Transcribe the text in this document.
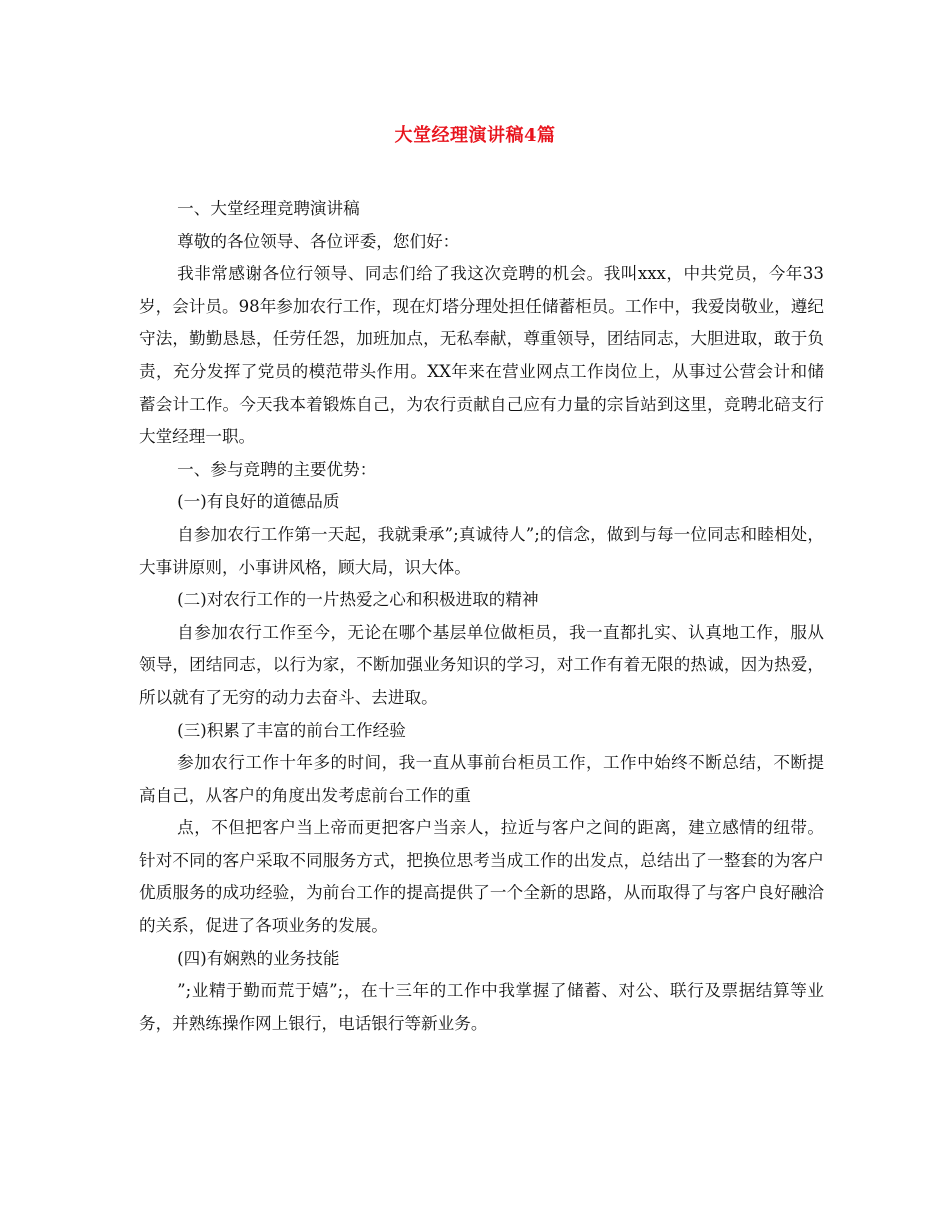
大堂经理演讲稿4篇

一、大堂经理竞聘演讲稿

尊敬的各位领导、各位评委，您们好：

我非常感谢各位行领导、同志们给了我这次竞聘的机会。我叫xxx，中共党员，今年33岁，会计员。98年参加农行工作，现在灯塔分理处担任储蓄柜员。工作中，我爱岗敬业，遵纪守法，勤勤恳恳，任劳任怨，加班加点，无私奉献，尊重领导，团结同志，大胆进取，敢于负责，充分发挥了党员的模范带头作用。XX年来在营业网点工作岗位上，从事过公营会计和储蓄会计工作。今天我本着锻炼自己，为农行贡献自己应有力量的宗旨站到这里，竞聘北碚支行大堂经理一职。

一、参与竞聘的主要优势：

(一)有良好的道德品质

自参加农行工作第一天起，我就秉承”;真诚待人”;的信念，做到与每一位同志和睦相处，大事讲原则，小事讲风格，顾大局，识大体。

(二)对农行工作的一片热爱之心和积极进取的精神

自参加农行工作至今，无论在哪个基层单位做柜员，我一直都扎实、认真地工作，服从领导，团结同志，以行为家，不断加强业务知识的学习，对工作有着无限的热诚，因为热爱，所以就有了无穷的动力去奋斗、去进取。

(三)积累了丰富的前台工作经验

参加农行工作十年多的时间，我一直从事前台柜员工作，工作中始终不断总结，不断提高自己，从客户的角度出发考虑前台工作的重

点，不但把客户当上帝而更把客户当亲人，拉近与客户之间的距离，建立感情的纽带。针对不同的客户采取不同服务方式，把换位思考当成工作的出发点，总结出了一整套的为客户优质服务的成功经验，为前台工作的提高提供了一个全新的思路，从而取得了与客户良好融洽的关系，促进了各项业务的发展。

(四)有娴熟的业务技能

”;业精于勤而荒于嬉”;，在十三年的工作中我掌握了储蓄、对公、联行及票据结算等业务，并熟练操作网上银行，电话银行等新业务。
